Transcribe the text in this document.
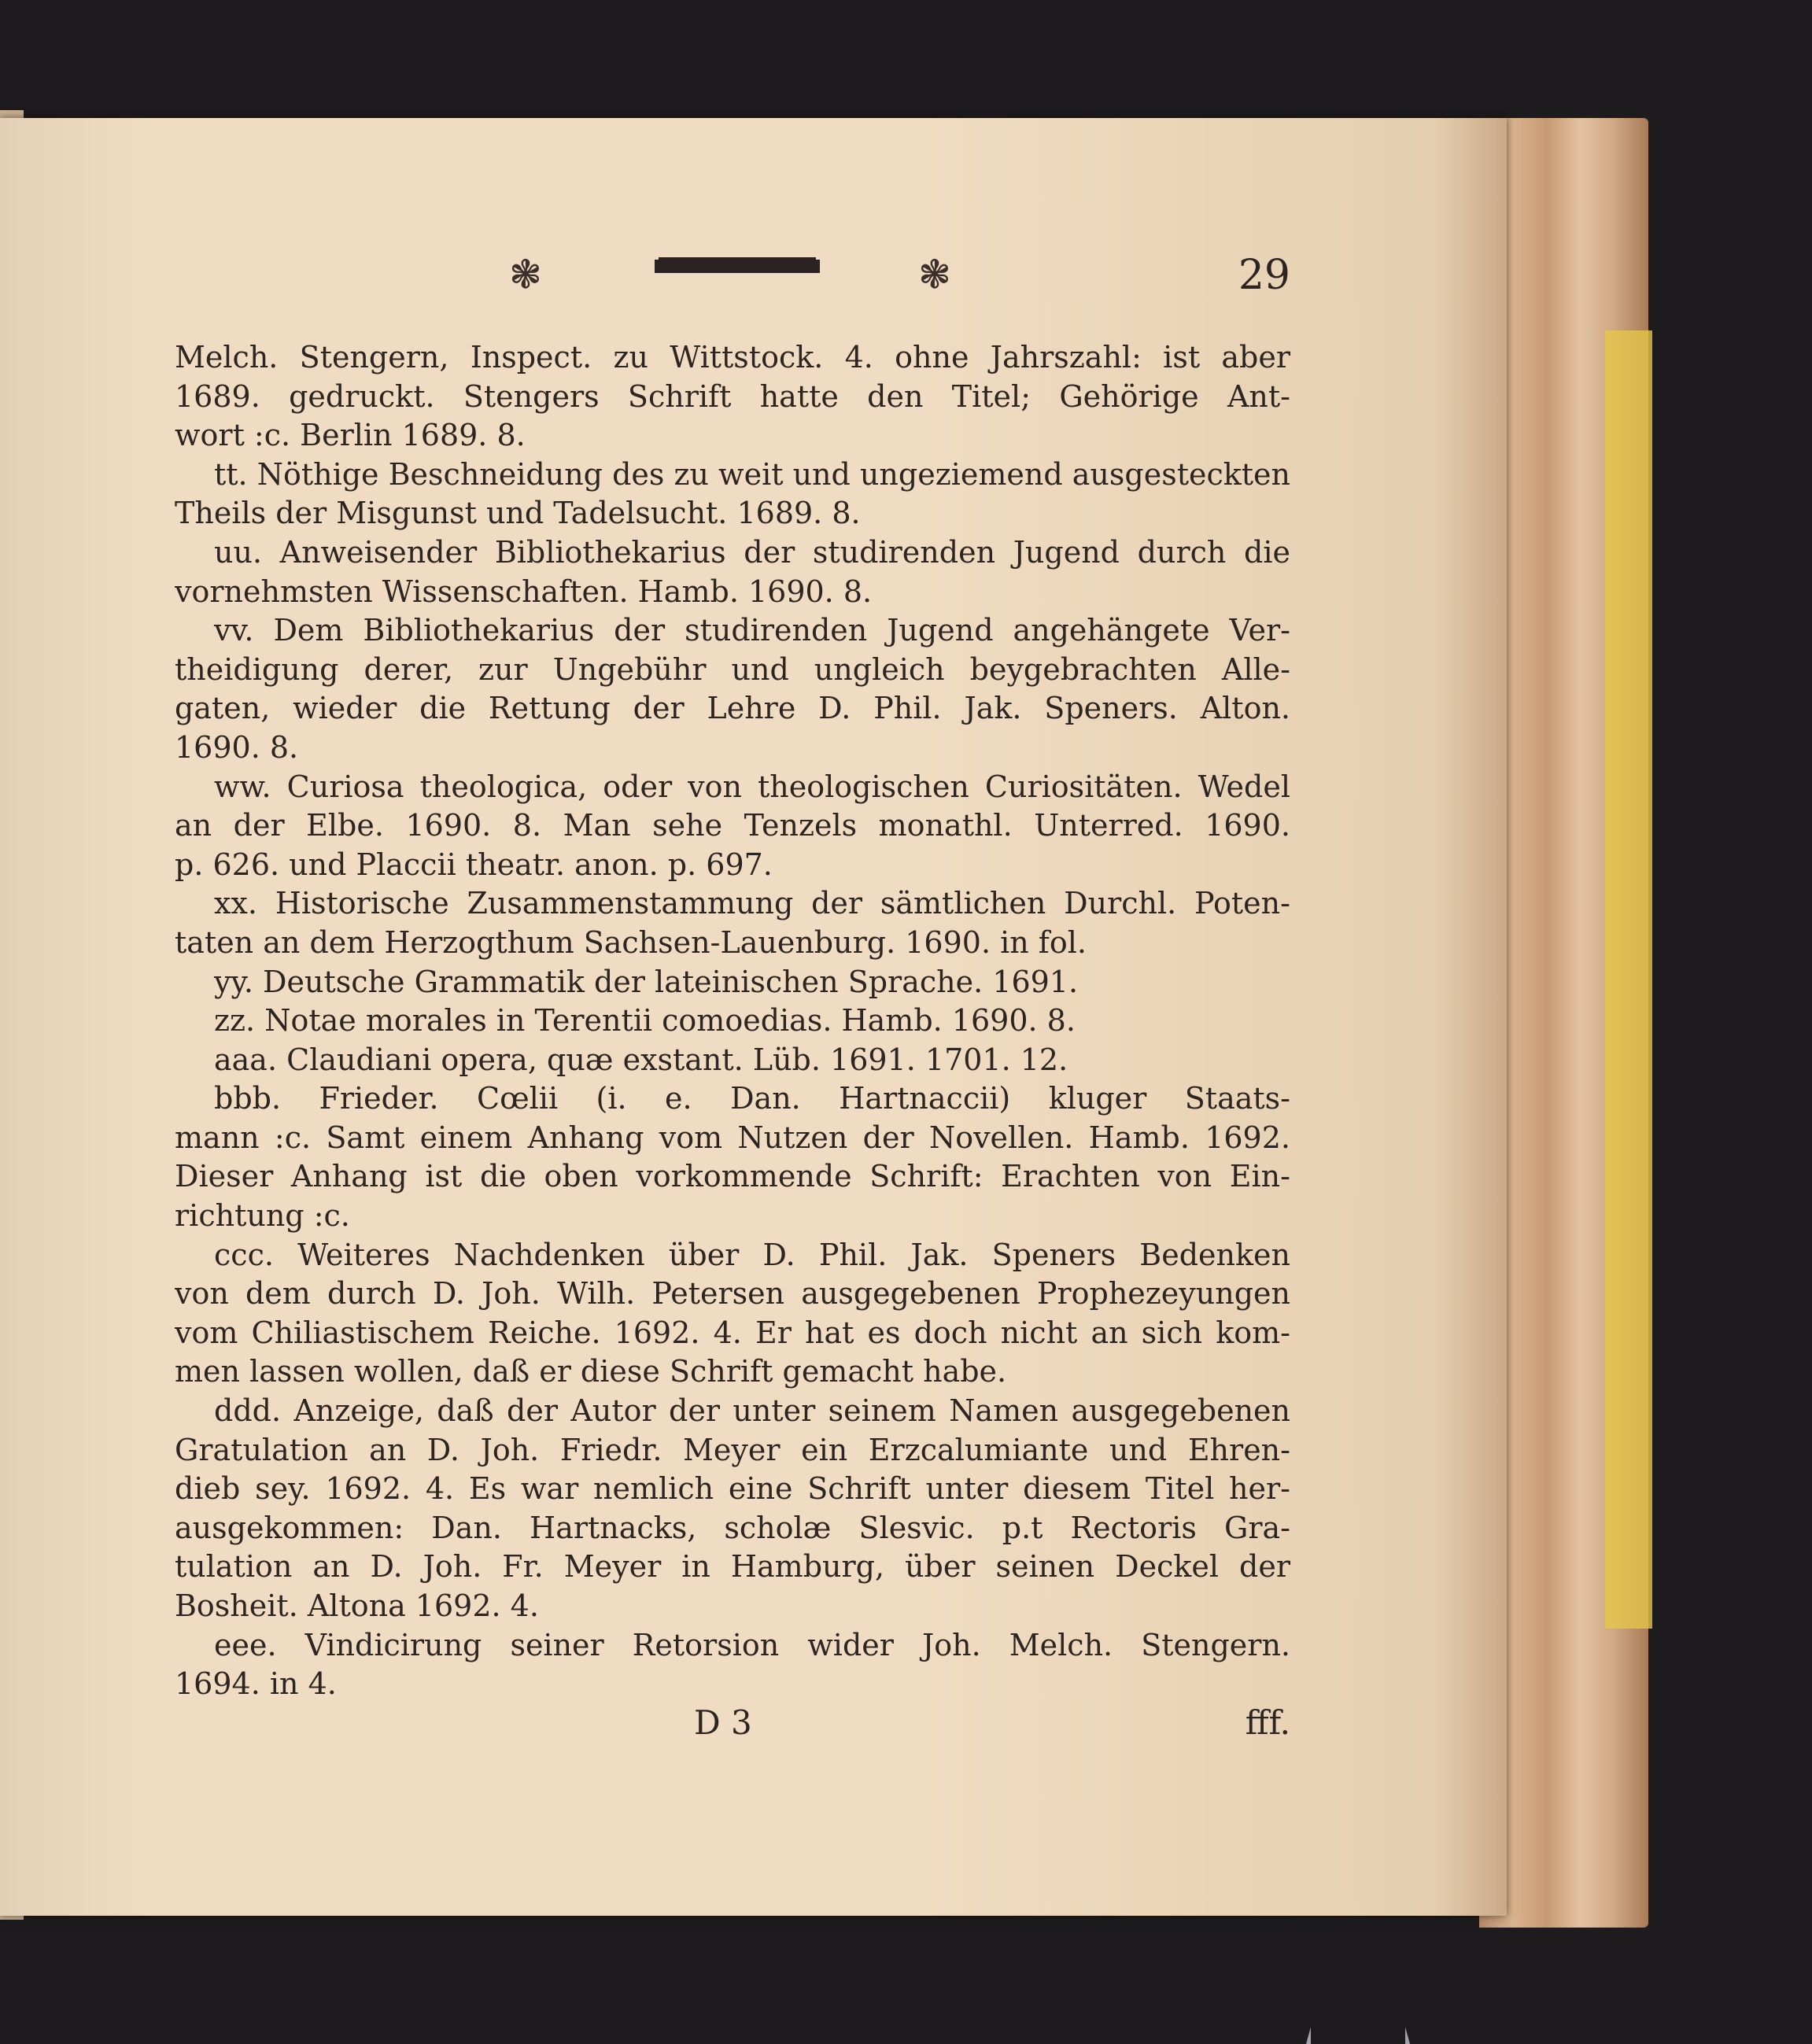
❃	❃	29
Melch. Stengern, Inspect. zu Wittstock. 4. ohne Jahrszahl: ist aber
1689. gedruckt. Stengers Schrift hatte den Titel; Gehörige Ant-
wort :c. Berlin 1689. 8.
tt. Nöthige Beschneidung des zu weit und ungeziemend ausgesteckten
Theils der Misgunst und Tadelsucht. 1689. 8.
uu. Anweisender Bibliothekarius der studirenden Jugend durch die
vornehmsten Wissenschaften. Hamb. 1690. 8.
vv. Dem Bibliothekarius der studirenden Jugend angehängete Ver-
theidigung derer, zur Ungebühr und ungleich beygebrachten Alle-
gaten, wieder die Rettung der Lehre D. Phil. Jak. Speners. Alton.
1690. 8.
ww. Curiosa theologica, oder von theologischen Curiositäten. Wedel
an der Elbe. 1690. 8. Man sehe Tenzels monathl. Unterred. 1690.
p. 626. und Placcii theatr. anon. p. 697.
xx. Historische Zusammenstammung der sämtlichen Durchl. Poten-
taten an dem Herzogthum Sachsen-Lauenburg. 1690. in fol.
yy. Deutsche Grammatik der lateinischen Sprache. 1691.
zz. Notae morales in Terentii comoedias. Hamb. 1690. 8.
aaa. Claudiani opera, quæ exstant. Lüb. 1691. 1701. 12.
bbb. Frieder. Cœlii (i. e. Dan. Hartnaccii) kluger Staats-
mann :c. Samt einem Anhang vom Nutzen der Novellen. Hamb. 1692.
Dieser Anhang ist die oben vorkommende Schrift: Erachten von Ein-
richtung :c.
ccc. Weiteres Nachdenken über D. Phil. Jak. Speners Bedenken
von dem durch D. Joh. Wilh. Petersen ausgegebenen Prophezeyungen
vom Chiliastischem Reiche. 1692. 4. Er hat es doch nicht an sich kom-
men lassen wollen, daß er diese Schrift gemacht habe.
ddd. Anzeige, daß der Autor der unter seinem Namen ausgegebenen
Gratulation an D. Joh. Friedr. Meyer ein Erzcalumiante und Ehren-
dieb sey. 1692. 4. Es war nemlich eine Schrift unter diesem Titel her-
ausgekommen: Dan. Hartnacks, scholæ Slesvic. p.t Rectoris Gra-
tulation an D. Joh. Fr. Meyer in Hamburg, über seinen Deckel der
Bosheit. Altona 1692. 4.
eee. Vindicirung seiner Retorsion wider Joh. Melch. Stengern.
1694. in 4.
D 3	fff.
